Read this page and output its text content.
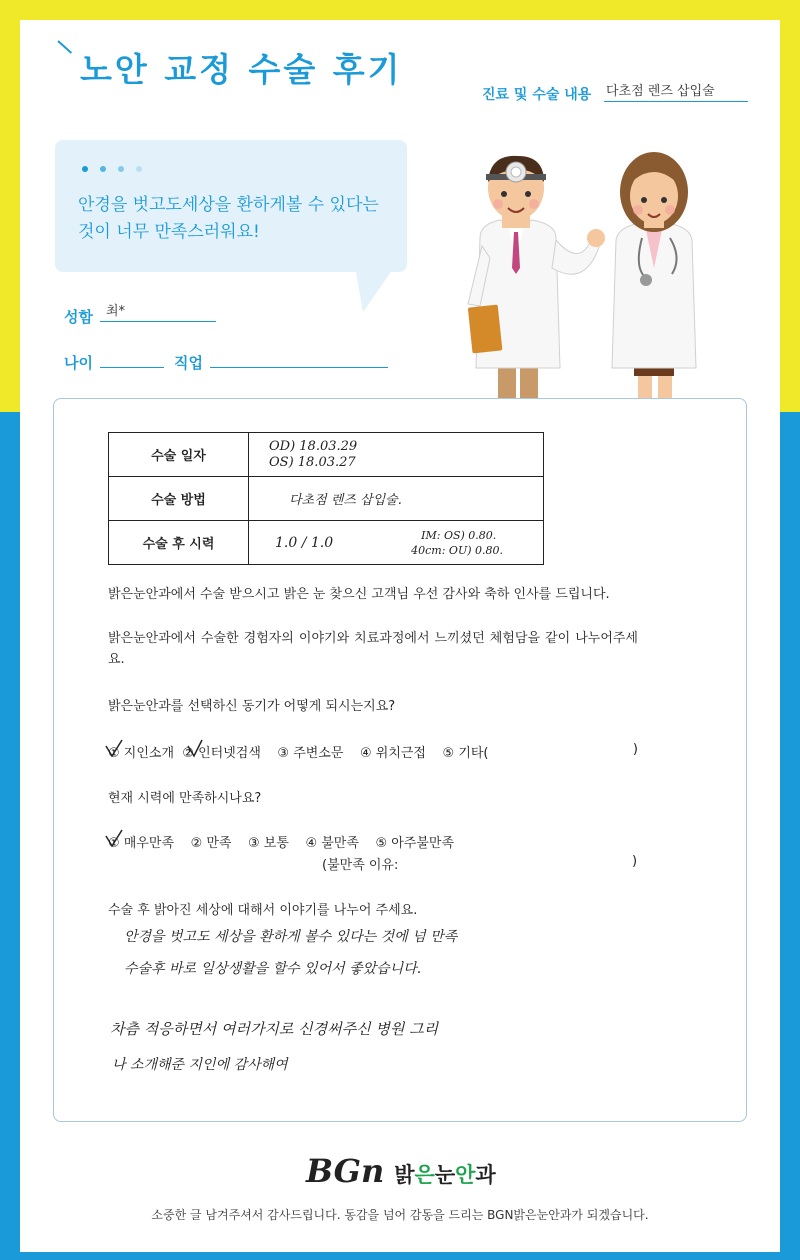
노안 교정 수술 후기
진료 및 수술 내용 다초점 렌즈 삽입술
안경을 벗고도세상을 환하게볼 수 있다는 것이 너무 만족스러워요!
성함 최*
나이	직업
수술 일자	OD) 18.03.29
OS) 18.03.27

수술 방법	다초점 렌즈 삽입술.
수술 후 시력	1.0 / 1.0 IM: OS) 0.80.
40cm: OU) 0.80.
밝은눈안과에서 수술 받으시고 밝은 눈 찾으신 고객님 우선 감사와 축하 인사를 드립니다.
밝은눈안과에서 수술한 경험자의 이야기와 치료과정에서 느끼셨던 체험담을 같이 나누어주세요.
밝은눈안과를 선택하신 동기가 어떻게 되시는지요?
① 지인소개 ② 인터넷검색 ③ 주변소문 ④ 위치근접 ⑤ 기타(	)
현재 시력에 만족하시나요?
① 매우만족 ② 만족 ③ 보통 ④ 불만족 ⑤ 아주불만족
(불만족 이유:	)
수술 후 밝아진 세상에 대해서 이야기를 나누어 주세요.
안경을 벗고도 세상을 환하게 볼수 있다는 것에 넘 만족
수술후 바로 일상생활을 할수 있어서 좋았습니다.
차츰 적응하면서 여러가지로 신경써주신 병원 그리
나 소개해준 지인에 감사해여
BGn 밝은눈안과
소중한 글 남겨주셔서 감사드립니다. 동감을 넘어 감동을 드리는 BGN밝은눈안과가 되겠습니다.
